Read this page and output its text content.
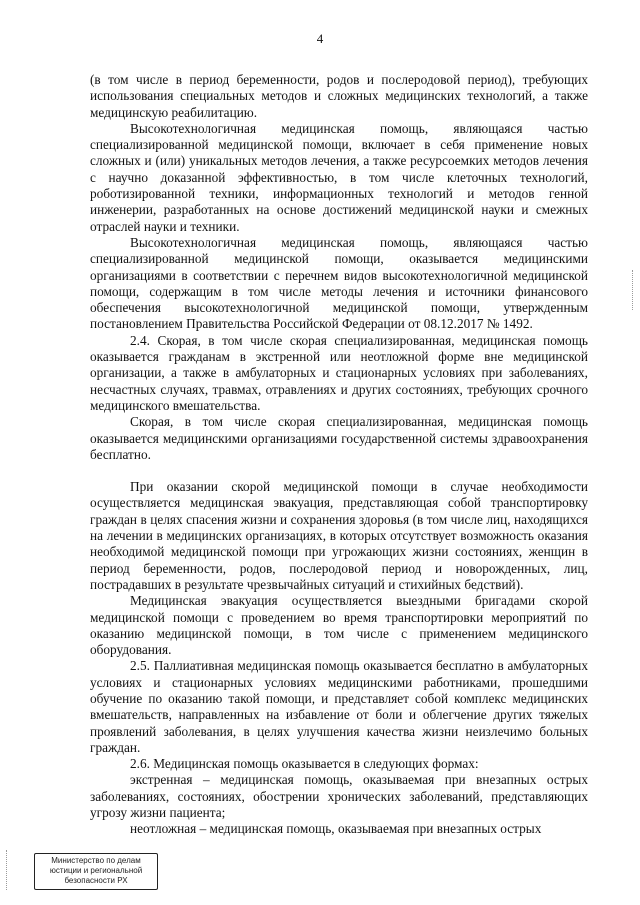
4

(в том числе в период беременности, родов и послеродовой период), требующих использования специальных методов и сложных медицинских технологий, а также медицинскую реабилитацию.

Высокотехнологичная медицинская помощь, являющаяся частью специализированной медицинской помощи, включает в себя применение новых сложных и (или) уникальных методов лечения, а также ресурсоемких методов лечения с научно доказанной эффективностью, в том числе клеточных технологий, роботизированной техники, информационных технологий и методов генной инженерии, разработанных на основе достижений медицинской науки и смежных отраслей науки и техники.

Высокотехнологичная медицинская помощь, являющаяся частью специализированной медицинской помощи, оказывается медицинскими организациями в соответствии с перечнем видов высокотехнологичной медицинской помощи, содержащим в том числе методы лечения и источники финансового обеспечения высокотехнологичной медицинской помощи, утвержденным постановлением Правительства Российской Федерации от 08.12.2017 № 1492.

2.4. Скорая, в том числе скорая специализированная, медицинская помощь оказывается гражданам в экстренной или неотложной форме вне медицинской организации, а также в амбулаторных и стационарных условиях при заболеваниях, несчастных случаях, травмах, отравлениях и других состояниях, требующих срочного медицинского вмешательства.

Скорая, в том числе скорая специализированная, медицинская помощь оказывается медицинскими организациями государственной системы здравоохранения бесплатно.

При оказании скорой медицинской помощи в случае необходимости осуществляется медицинская эвакуация, представляющая собой транспортировку граждан в целях спасения жизни и сохранения здоровья (в том числе лиц, находящихся на лечении в медицинских организациях, в которых отсутствует возможность оказания необходимой медицинской помощи при угрожающих жизни состояниях, женщин в период беременности, родов, послеродовой период и новорожденных, лиц, пострадавших в результате чрезвычайных ситуаций и стихийных бедствий).

Медицинская эвакуация осуществляется выездными бригадами скорой медицинской помощи с проведением во время транспортировки мероприятий по оказанию медицинской помощи, в том числе с применением медицинского оборудования.

2.5. Паллиативная медицинская помощь оказывается бесплатно в амбулаторных условиях и стационарных условиях медицинскими работниками, прошедшими обучение по оказанию такой помощи, и представляет собой комплекс медицинских вмешательств, направленных на избавление от боли и облегчение других тяжелых проявлений заболевания, в целях улучшения качества жизни неизлечимо больных граждан.

2.6. Медицинская помощь оказывается в следующих формах:

экстренная – медицинская помощь, оказываемая при внезапных острых заболеваниях, состояниях, обострении хронических заболеваний, представляющих угрозу жизни пациента;

неотложная – медицинская помощь, оказываемая при внезапных острых

Министерство по делам
юстиции и региональной
безопасности РХ
